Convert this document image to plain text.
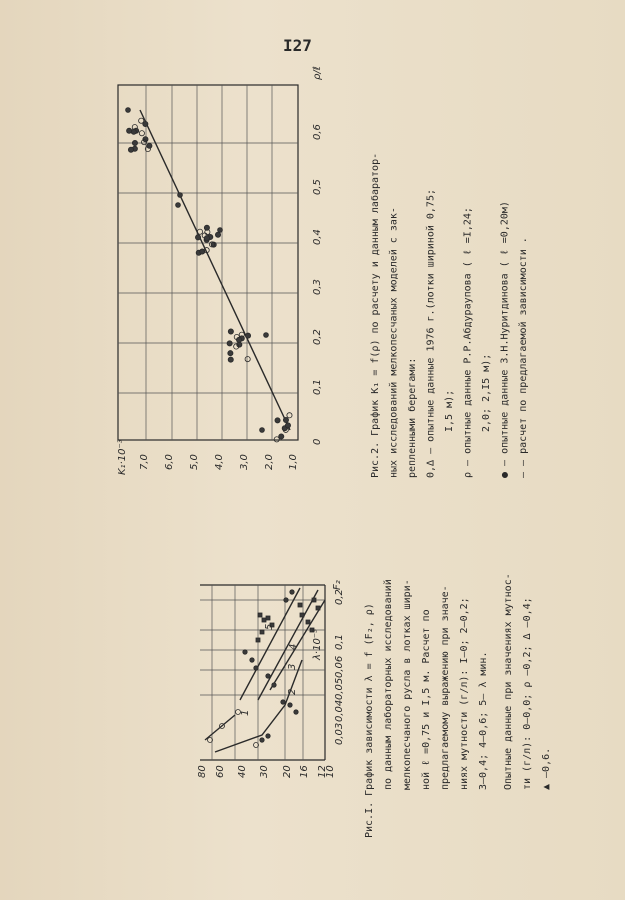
I27
λ·10⁻³
10
12
16
20
30
40
60
80
0,03
0,04
0,05
0,06
0,1
0,2
F₂
1
2
3
4
5	Рис.I. График зависимости λ = f (F₂, ρ) по данным лабораторных исследований мелкопесчаного русла в лотках шири- ной ℓ =0,75 и I,5 м. Расчет по предлагаемому выражению при значе- ниях мутности (г/л): I—0; 2—0,2; 3—0,4; 4—0,6; 5— λ мин. Опытные данные при значениях мутнос- ти (г/л): 0—0,0; ρ —0,2; ∆ —0,4; ▲ —0,6.
K₁·10⁻³	1,0
2,0
3,0
4,0
5,0
6,0
7,0
0
0,1
0,2
0,3
0,4
0,5
0,6
ρ/ℓ
Рис.2. График K₁ = f(ρ) по расчету и данным лабаратор- ных исследований мелкопесчаных моделей с зак- репленными берегами: 0,∆ – опытные данные 1976 г.(лотки шириной 0,75; I,5 м); ρ – опытные данные Р.Р.Абдураупова ( ℓ =I,24; 2,0; 2,I5 м); ● – опытные данные З.Н.Нуритдинова ( ℓ =0,20м) — – расчет по предлагаемой зависимости .
